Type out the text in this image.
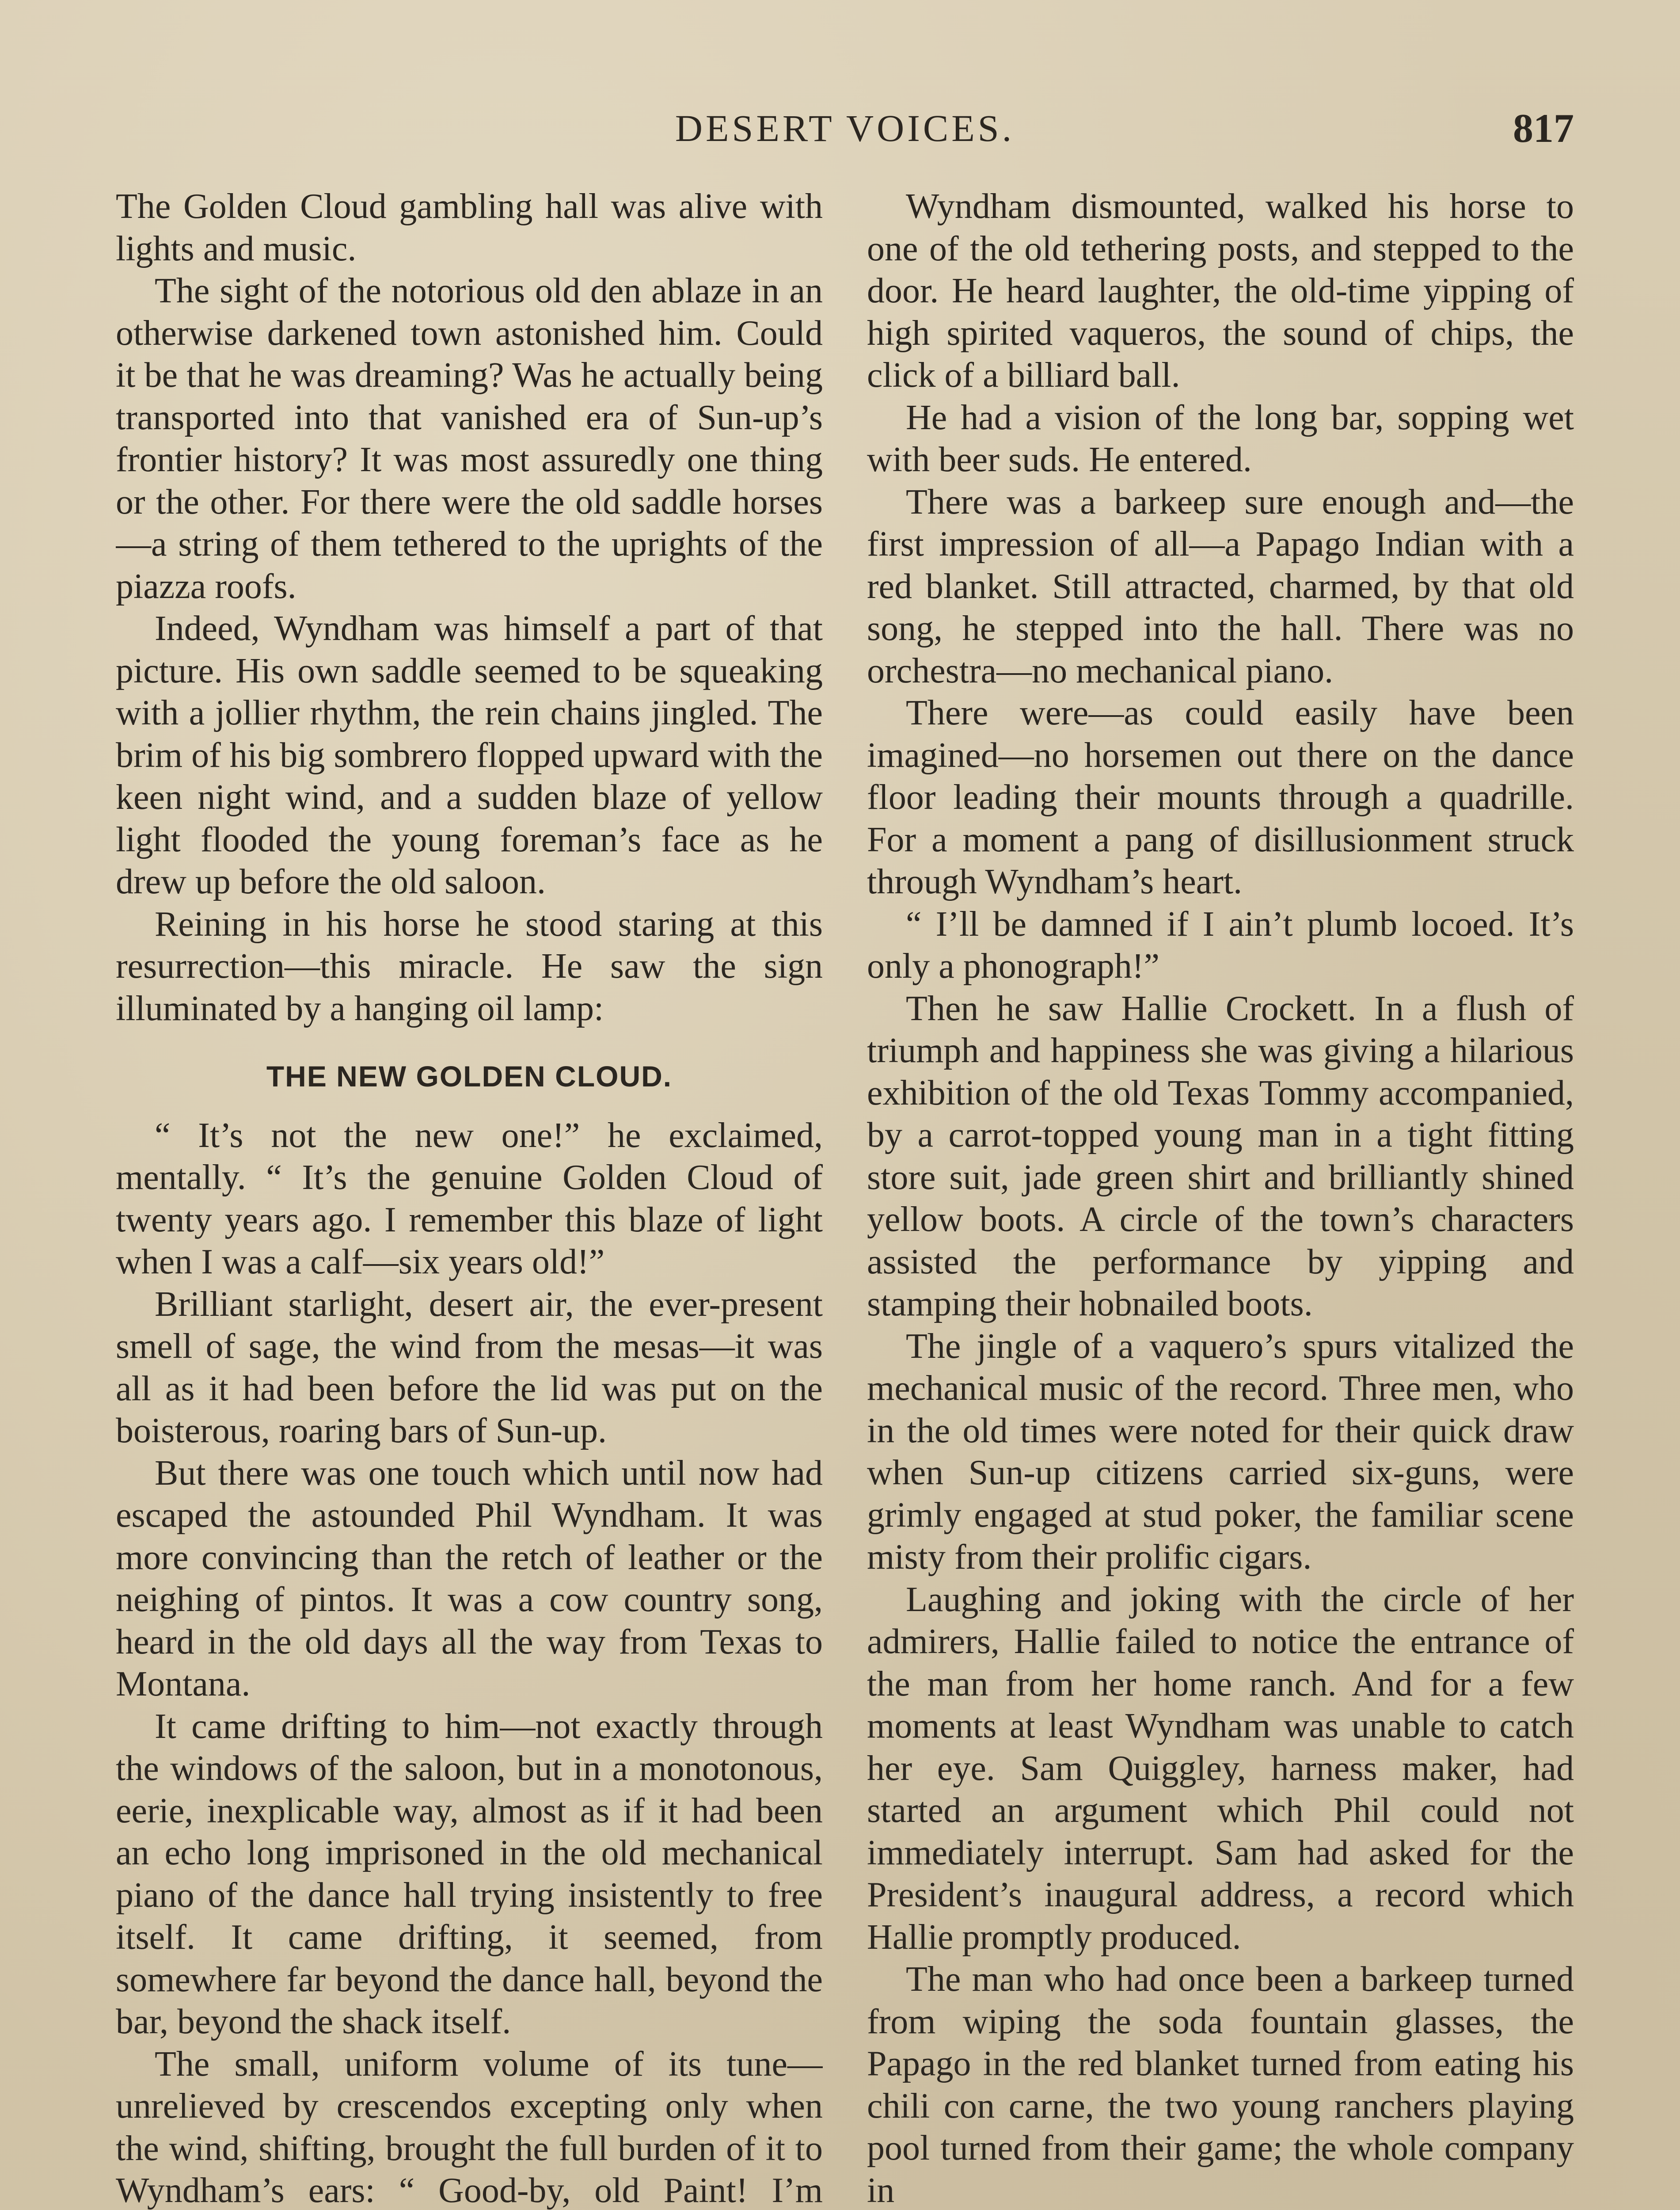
DESERT VOICES.	817

The Golden Cloud gambling hall was alive with lights and music.

The sight of the notorious old den ablaze in an otherwise darkened town astonished him. Could it be that he was dreaming? Was he actually being transported into that vanished era of Sun-up’s frontier history? It was most assuredly one thing or the other. For there were the old saddle horses —a string of them tethered to the uprights of the piazza roofs.

Indeed, Wyndham was himself a part of that picture. His own saddle seemed to be squeaking with a jollier rhythm, the rein chains jingled. The brim of his big sombrero flopped upward with the keen night wind, and a sudden blaze of yellow light flooded the young foreman’s face as he drew up before the old saloon.

Reining in his horse he stood staring at this resurrection—this miracle. He saw the sign illuminated by a hanging oil lamp:

THE NEW GOLDEN CLOUD.

“ It’s not the new one!” he exclaimed, mentally. “ It’s the genuine Golden Cloud of twenty years ago. I remember this blaze of light when I was a calf—six years old!”

Brilliant starlight, desert air, the ever-present smell of sage, the wind from the mesas—it was all as it had been before the lid was put on the boisterous, roaring bars of Sun-up.

But there was one touch which until now had escaped the astounded Phil Wyndham. It was more convincing than the retch of leather or the neighing of pintos. It was a cow country song, heard in the old days all the way from Texas to Montana.

It came drifting to him—not exactly through the windows of the saloon, but in a monotonous, eerie, inexplicable way, almost as if it had been an echo long imprisoned in the old mechanical piano of the dance hall trying insistently to free itself. It came drifting, it seemed, from somewhere far beyond the dance hall, beyond the bar, beyond the shack itself.

The small, uniform volume of its tune—unrelieved by crescendos excepting only when the wind, shifting, brought the full burden of it to Wyndham’s ears: “ Good-by, old Paint! I’m

Wyndham dismounted, walked his horse to one of the old tethering posts, and stepped to the door. He heard laughter, the old-time yipping of high spirited vaqueros, the sound of chips, the click of a billiard ball.

He had a vision of the long bar, sopping wet with beer suds. He entered.

There was a barkeep sure enough and—the first impression of all—a Papago Indian with a red blanket. Still attracted, charmed, by that old song, he stepped into the hall. There was no orchestra—no mechanical piano.

There were—as could easily have been imagined—no horsemen out there on the dance floor leading their mounts through a quadrille. For a moment a pang of disillusionment struck through Wyndham’s heart.

“ I’ll be damned if I ain’t plumb locoed. It’s only a phonograph!”

Then he saw Hallie Crockett. In a flush of triumph and happiness she was giving a hilarious exhibition of the old Texas Tommy accompanied, by a carrot-topped young man in a tight fitting store suit, jade green shirt and brilliantly shined yellow boots. A circle of the town’s characters assisted the performance by yipping and stamping their hobnailed boots.

The jingle of a vaquero’s spurs vitalized the mechanical music of the record. Three men, who in the old times were noted for their quick draw when Sun-up citizens carried six-guns, were grimly engaged at stud poker, the familiar scene misty from their prolific cigars.

Laughing and joking with the circle of her admirers, Hallie failed to notice the entrance of the man from her home ranch. And for a few moments at least Wyndham was unable to catch her eye. Sam Quiggley, harness maker, had started an argument which Phil could not immediately interrupt. Sam had asked for the President’s inaugural address, a record which Hallie promptly produced.

The man who had once been a barkeep turned from wiping the soda fountain glasses, the Papago in the red blanket turned from eating his chili con carne, the two young ranchers playing pool turned from their game; the whole company in
